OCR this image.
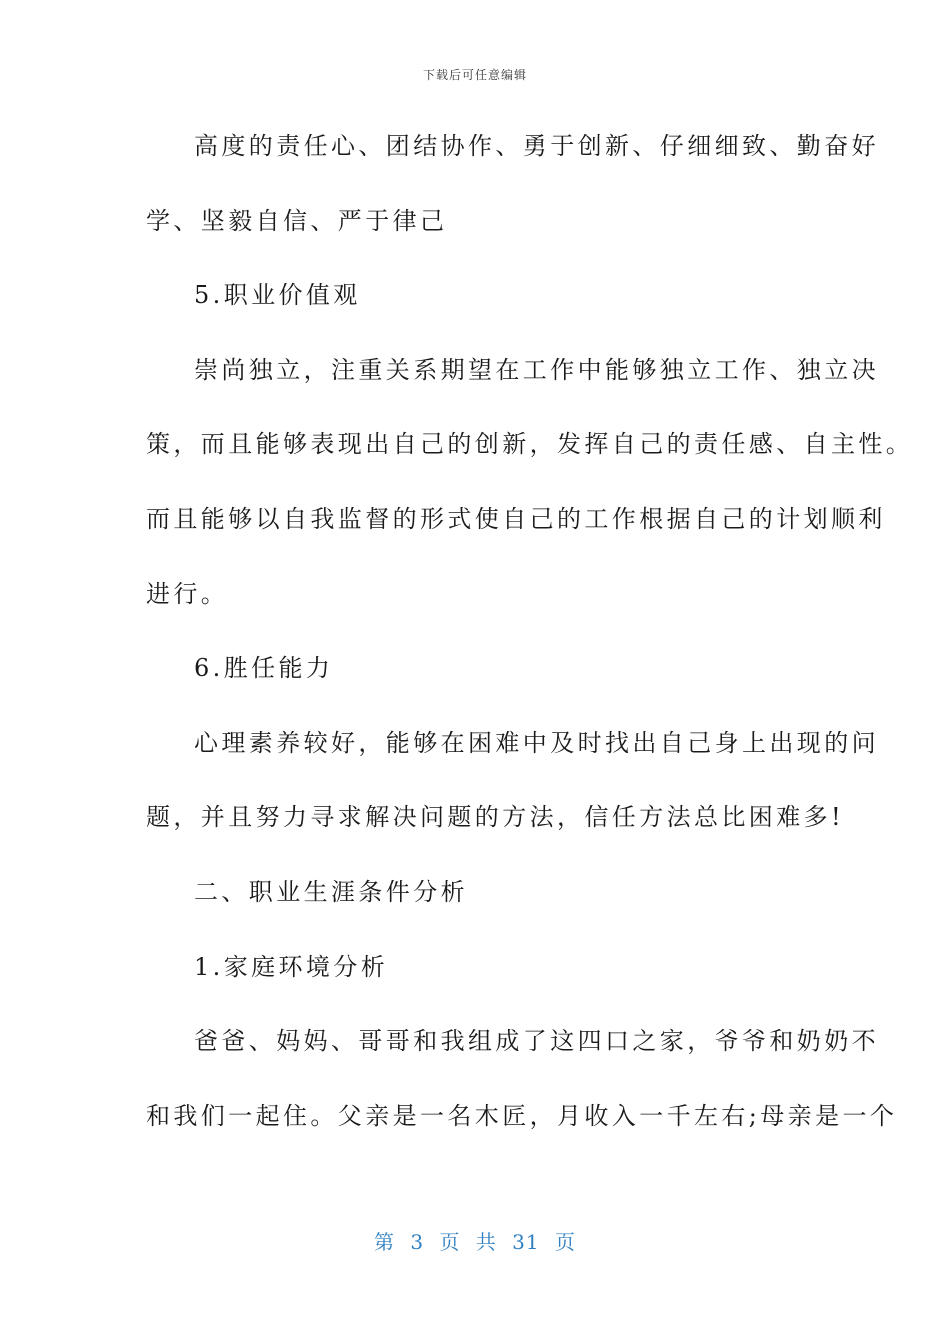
下载后可任意编辑
高度的责任心、团结协作、勇于创新、仔细细致、勤奋好
学、坚毅自信、严于律己
5.职业价值观
崇尚独立，注重关系期望在工作中能够独立工作、独立决
策，而且能够表现出自己的创新，发挥自己的责任感、自主性。
而且能够以自我监督的形式使自己的工作根据自己的计划顺利
进行。
6.胜任能力
心理素养较好，能够在困难中及时找出自己身上出现的问
题，并且努力寻求解决问题的方法，信任方法总比困难多!
二、职业生涯条件分析
1.家庭环境分析
爸爸、妈妈、哥哥和我组成了这四口之家，爷爷和奶奶不
和我们一起住。父亲是一名木匠，月收入一千左右;母亲是一个
第 3 页 共 31 页
